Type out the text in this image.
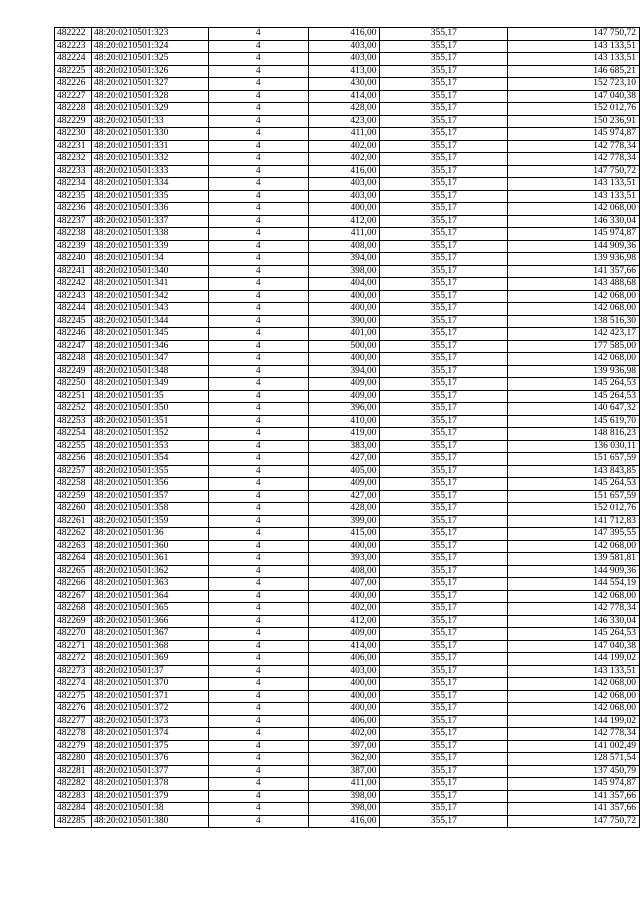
482222	48:20:0210501:323	4	416,00	355,17	147 750,72
482223	48:20:0210501:324	4	403,00	355,17	143 133,51
482224	48:20:0210501:325	4	403,00	355,17	143 133,51
482225	48:20:0210501:326	4	413,00	355,17	146 685,21
482226	48:20:0210501:327	4	430,00	355,17	152 723,10
482227	48:20:0210501:328	4	414,00	355,17	147 040,38
482228	48:20:0210501:329	4	428,00	355,17	152 012,76
482229	48:20:0210501:33	4	423,00	355,17	150 236,91
482230	48:20:0210501:330	4	411,00	355,17	145 974,87
482231	48:20:0210501:331	4	402,00	355,17	142 778,34
482232	48:20:0210501:332	4	402,00	355,17	142 778,34
482233	48:20:0210501:333	4	416,00	355,17	147 750,72
482234	48:20:0210501:334	4	403,00	355,17	143 133,51
482235	48:20:0210501:335	4	403,00	355,17	143 133,51
482236	48:20:0210501:336	4	400,00	355,17	142 068,00
482237	48:20:0210501:337	4	412,00	355,17	146 330,04
482238	48:20:0210501:338	4	411,00	355,17	145 974,87
482239	48:20:0210501:339	4	408,00	355,17	144 909,36
482240	48:20:0210501:34	4	394,00	355,17	139 936,98
482241	48:20:0210501:340	4	398,00	355,17	141 357,66
482242	48:20:0210501:341	4	404,00	355,17	143 488,68
482243	48:20:0210501:342	4	400,00	355,17	142 068,00
482244	48:20:0210501:343	4	400,00	355,17	142 068,00
482245	48:20:0210501:344	4	390,00	355,17	138 516,30
482246	48:20:0210501:345	4	401,00	355,17	142 423,17
482247	48:20:0210501:346	4	500,00	355,17	177 585,00
482248	48:20:0210501:347	4	400,00	355,17	142 068,00
482249	48:20:0210501:348	4	394,00	355,17	139 936,98
482250	48:20:0210501:349	4	409,00	355,17	145 264,53
482251	48:20:0210501:35	4	409,00	355,17	145 264,53
482252	48:20:0210501:350	4	396,00	355,17	140 647,32
482253	48:20:0210501:351	4	410,00	355,17	145 619,70
482254	48:20:0210501:352	4	419,00	355,17	148 816,23
482255	48:20:0210501:353	4	383,00	355,17	136 030,11
482256	48:20:0210501:354	4	427,00	355,17	151 657,59
482257	48:20:0210501:355	4	405,00	355,17	143 843,85
482258	48:20:0210501:356	4	409,00	355,17	145 264,53
482259	48:20:0210501:357	4	427,00	355,17	151 657,59
482260	48:20:0210501:358	4	428,00	355,17	152 012,76
482261	48:20:0210501:359	4	399,00	355,17	141 712,83
482262	48:20:0210501:36	4	415,00	355,17	147 395,55
482263	48:20:0210501:360	4	400,00	355,17	142 068,00
482264	48:20:0210501:361	4	393,00	355,17	139 581,81
482265	48:20:0210501:362	4	408,00	355,17	144 909,36
482266	48:20:0210501:363	4	407,00	355,17	144 554,19
482267	48:20:0210501:364	4	400,00	355,17	142 068,00
482268	48:20:0210501:365	4	402,00	355,17	142 778,34
482269	48:20:0210501:366	4	412,00	355,17	146 330,04
482270	48:20:0210501:367	4	409,00	355,17	145 264,53
482271	48:20:0210501:368	4	414,00	355,17	147 040,38
482272	48:20:0210501:369	4	406,00	355,17	144 199,02
482273	48:20:0210501:37	4	403,00	355,17	143 133,51
482274	48:20:0210501:370	4	400,00	355,17	142 068,00
482275	48:20:0210501:371	4	400,00	355,17	142 068,00
482276	48:20:0210501:372	4	400,00	355,17	142 068,00
482277	48:20:0210501:373	4	406,00	355,17	144 199,02
482278	48:20:0210501:374	4	402,00	355,17	142 778,34
482279	48:20:0210501:375	4	397,00	355,17	141 002,49
482280	48:20:0210501:376	4	362,00	355,17	128 571,54
482281	48:20:0210501:377	4	387,00	355,17	137 450,79
482282	48:20:0210501:378	4	411,00	355,17	145 974,87
482283	48:20:0210501:379	4	398,00	355,17	141 357,66
482284	48:20:0210501:38	4	398,00	355,17	141 357,66
482285	48:20:0210501:380	4	416,00	355,17	147 750,72
